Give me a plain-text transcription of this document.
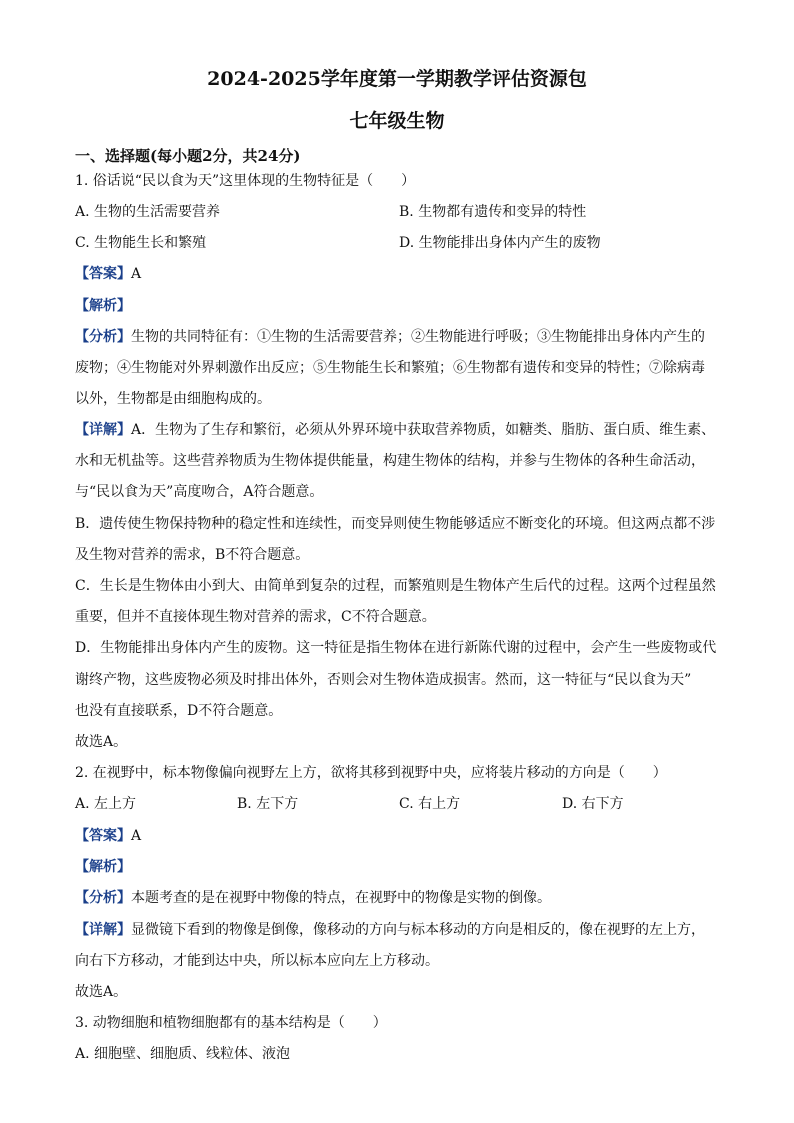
2024-2025学年度第一学期教学评估资源包
七年级生物
一、选择题(每小题2分，共24分)
1. 俗话说“民以食为天”这里体现的生物特征是（　　）
A. 生物的生活需要营养	B. 生物都有遗传和变异的特性
C. 生物能生长和繁殖	D. 生物能排出身体内产生的废物
【答案】A
【解析】
【分析】生物的共同特征有：①生物的生活需要营养；②生物能进行呼吸；③生物能排出身体内产生的
废物；④生物能对外界刺激作出反应；⑤生物能生长和繁殖；⑥生物都有遗传和变异的特性；⑦除病毒
以外，生物都是由细胞构成的。
【详解】A．生物为了生存和繁衍，必须从外界环境中获取营养物质，如糖类、脂肪、蛋白质、维生素、
水和无机盐等。这些营养物质为生物体提供能量，构建生物体的结构，并参与生物体的各种生命活动，
与“民以食为天”高度吻合，A符合题意。
B．遗传使生物保持物种的稳定性和连续性，而变异则使生物能够适应不断变化的环境。但这两点都不涉
及生物对营养的需求，B不符合题意。
C．生长是生物体由小到大、由简单到复杂的过程，而繁殖则是生物体产生后代的过程。这两个过程虽然
重要，但并不直接体现生物对营养的需求，C不符合题意。
D．生物能排出身体内产生的废物。这一特征是指生物体在进行新陈代谢的过程中，会产生一些废物或代
谢终产物，这些废物必须及时排出体外，否则会对生物体造成损害。然而，这一特征与“民以食为天”
也没有直接联系，D不符合题意。
故选A。
2. 在视野中，标本物像偏向视野左上方，欲将其移到视野中央，应将装片移动的方向是（　　）
A. 左上方	B. 左下方	C. 右上方	D. 右下方
【答案】A
【解析】
【分析】本题考查的是在视野中物像的特点，在视野中的物像是实物的倒像。
【详解】显微镜下看到的物像是倒像，像移动的方向与标本移动的方向是相反的，像在视野的左上方，
向右下方移动，才能到达中央，所以标本应向左上方移动。
故选A。
3. 动物细胞和植物细胞都有的基本结构是（　　）
A. 细胞壁、细胞质、线粒体、液泡
